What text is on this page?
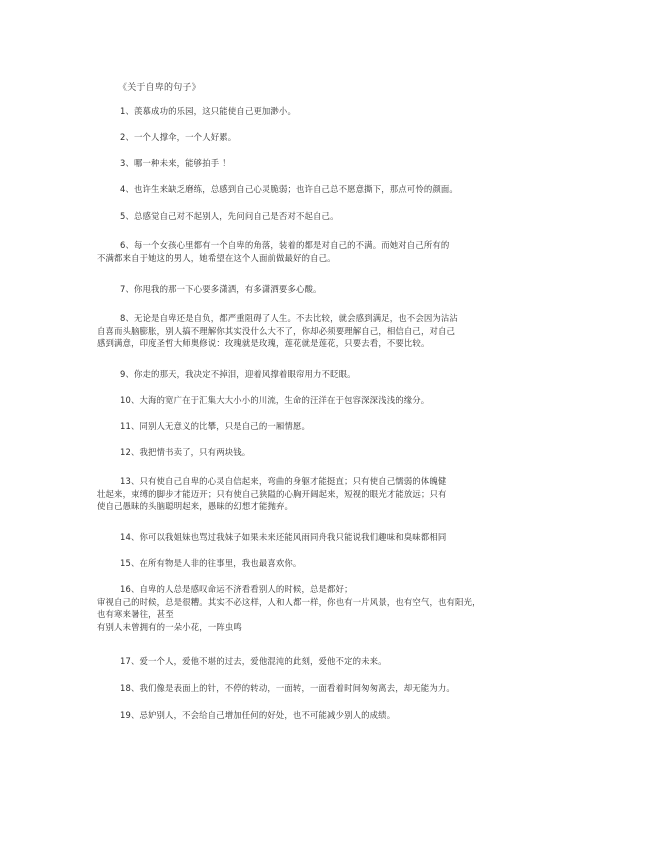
《关于自卑的句子》
1、羡慕成功的乐园，这只能使自己更加渺小。
2、一个人撑伞，一个人好累。
3、哪一种未来，能够拍手 ！
4、也许生来缺乏磨练，总感到自己心灵脆弱；也许自己总不愿意撕下，那点可怜的颜面。
5、总感觉自己对不起别人，先问问自己是否对不起自己。
6、每一个女孩心里都有一个自卑的角落，装着的都是对自己的不满。而她对自己所有的
不满都来自于她这的男人，她希望在这个人面前做最好的自己。
7、你甩我的那一下心要多潇洒，有多潇洒要多心酸。
8、无论是自卑还是自负，都严重阻碍了人生。不去比较，就会感到满足，也不会因为沾沾
自喜而头脑膨胀，别人搞不理解你其实没什么大不了，你却必须要理解自己，相信自己，对自己
感到满意，印度圣哲大师奥修说：玫瑰就是玫瑰，莲花就是莲花，只要去看，不要比较。
9、你走的那天，我决定不掉泪，迎着风撑着眼帘用力不眨眼。
10、大海的宽广在于汇集大大小小的川流，生命的汪洋在于包容深深浅浅的缘分。
11、同别人无意义的比攀，只是自己的一厢情愿。
12、我把情书卖了，只有两块钱。
13、只有使自己自卑的心灵自信起来，弯曲的身躯才能挺直；只有使自己懦弱的体魄健
壮起来，束缚的脚步才能迈开；只有使自己狭隘的心胸开阔起来，短视的眼光才能放远；只有
使自己愚昧的头脑聪明起来，愚昧的幻想才能抛弃。
14、你可以我姐妹也骂过我妹子如果未来还能风雨同舟我只能说我们趣味和臭味都相同
15、在所有物是人非的往事里，我也最喜欢你。
16、自卑的人总是感叹命运不济看看别人的时候，总是都好；
审视自己的时候，总是很糟。其实不必这样，人和人都一样，你也有一片风景，也有空气，也有阳光，
也有寒来暑往，甚至
有别人未曾拥有的一朵小花，一阵虫鸣
17、爱一个人，爱他不堪的过去，爱他混沌的此刻，爱他不定的未来。
18、我们像是表面上的针，不停的转动，一面转，一面看着时间匆匆离去，却无能为力。
19、忌妒别人，不会给自己增加任何的好处，也不可能减少别人的成绩。
